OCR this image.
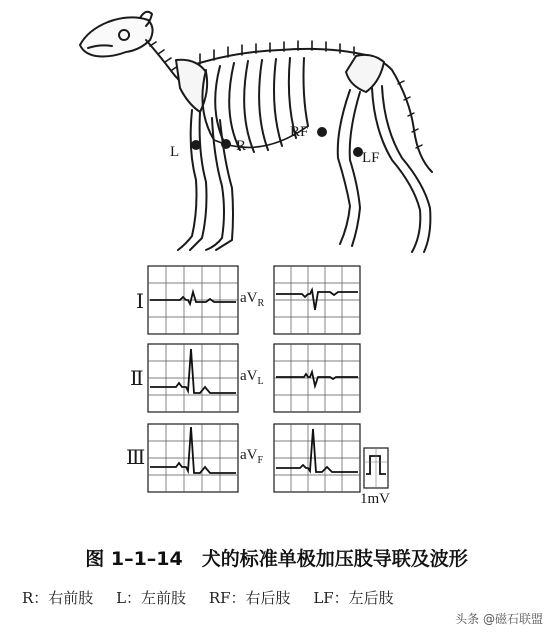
L	R
RF
LF
Ⅰ
Ⅱ
Ⅲ
$aV_R$
$aV_L$
$aV_F$
1mV
图 1–1–14　犬的标准单极加压肢导联及波形
R：右前肢 L：左前肢 RF：右后肢 LF：左后肢
头条 @磁石联盟
